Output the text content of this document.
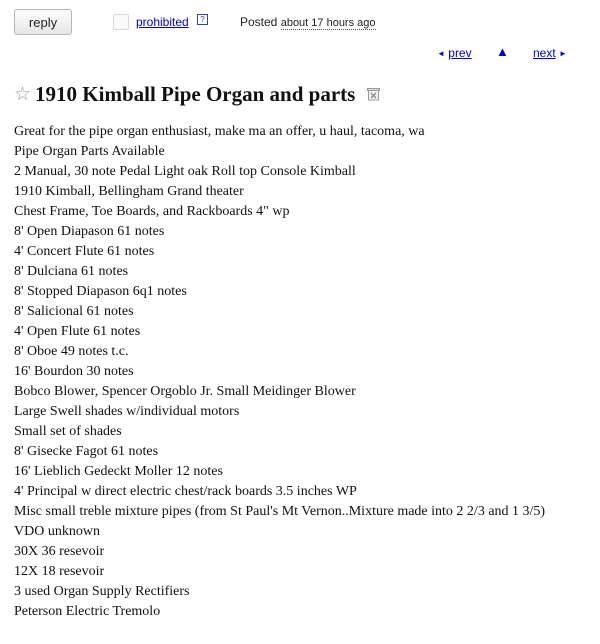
reply	prohibited	?	Posted about 17 hours ago
◄ prev ▲ next ►
☆ 1910 Kimball Pipe Organ and parts
Great for the pipe organ enthusiast, make ma an offer, u haul, tacoma, wa
Pipe Organ Parts Available
2 Manual, 30 note Pedal Light oak Roll top Console Kimball
1910 Kimball, Bellingham Grand theater
Chest Frame, Toe Boards, and Rackboards 4" wp
8' Open Diapason 61 notes
4' Concert Flute 61 notes
8' Dulciana 61 notes
8' Stopped Diapason 6q1 notes
8' Salicional 61 notes
4' Open Flute 61 notes
8' Oboe 49 notes t.c.
16' Bourdon 30 notes
Bobco Blower, Spencer Orgoblo Jr. Small Meidinger Blower
Large Swell shades w/individual motors
Small set of shades
8' Gisecke Fagot 61 notes
16' Lieblich Gedeckt Moller 12 notes
4' Principal w direct electric chest/rack boards 3.5 inches WP
Misc small treble mixture pipes (from St Paul's Mt Vernon..Mixture made into 2 2/3 and 1 3/5)
VDO unknown
30X 36 resevoir
12X 18 resevoir
3 used Organ Supply Rectifiers
Peterson Electric Tremolo
